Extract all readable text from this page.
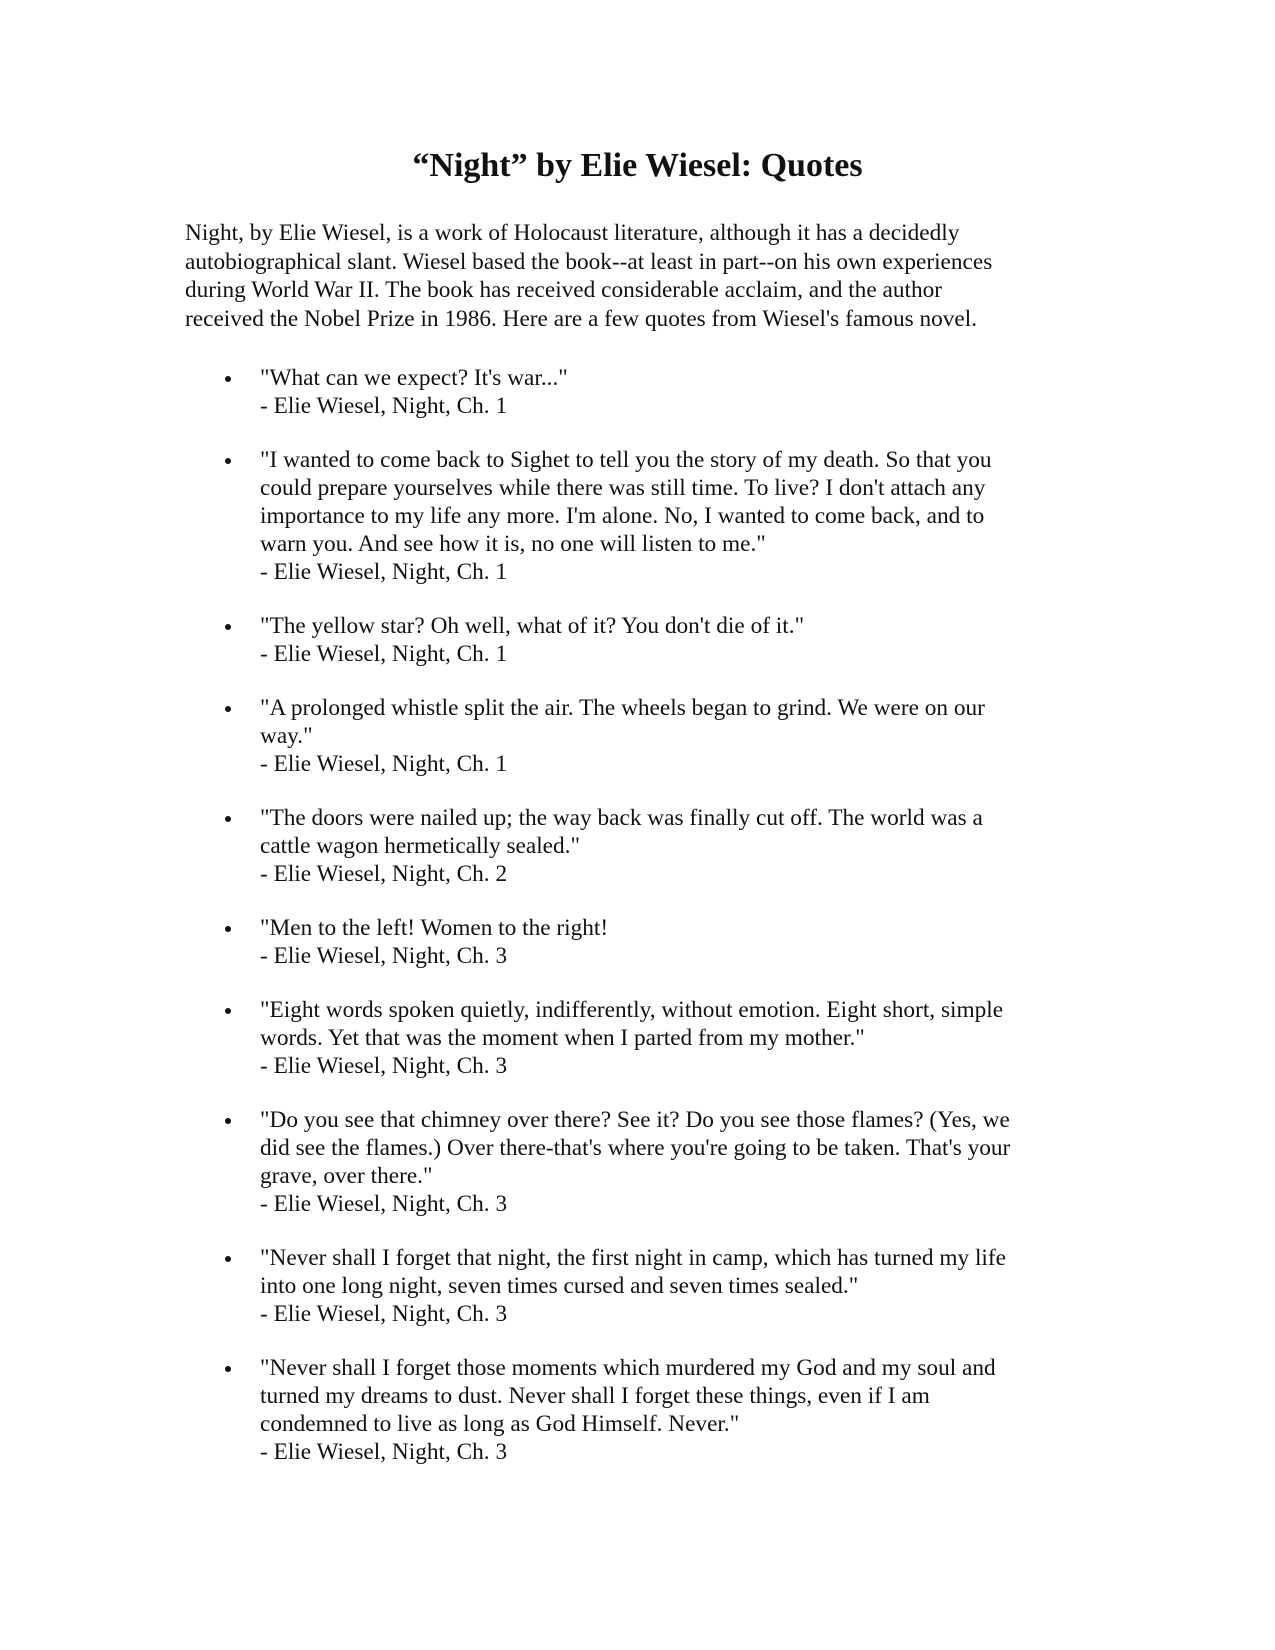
“Night” by Elie Wiesel: Quotes

Night, by Elie Wiesel, is a work of Holocaust literature, although it has a decidedly
autobiographical slant. Wiesel based the book--at least in part--on his own experiences
during World War II. The book has received considerable acclaim, and the author
received the Nobel Prize in 1986. Here are a few quotes from Wiesel's famous novel.

"What can we expect? It's war..."
- Elie Wiesel, Night, Ch. 1
"I wanted to come back to Sighet to tell you the story of my death. So that you
could prepare yourselves while there was still time. To live? I don't attach any
importance to my life any more. I'm alone. No, I wanted to come back, and to
warn you. And see how it is, no one will listen to me."
- Elie Wiesel, Night, Ch. 1
"The yellow star? Oh well, what of it? You don't die of it."
- Elie Wiesel, Night, Ch. 1
"A prolonged whistle split the air. The wheels began to grind. We were on our
way."
- Elie Wiesel, Night, Ch. 1
"The doors were nailed up; the way back was finally cut off. The world was a
cattle wagon hermetically sealed."
- Elie Wiesel, Night, Ch. 2
"Men to the left! Women to the right!
- Elie Wiesel, Night, Ch. 3
"Eight words spoken quietly, indifferently, without emotion. Eight short, simple
words. Yet that was the moment when I parted from my mother."
- Elie Wiesel, Night, Ch. 3
"Do you see that chimney over there? See it? Do you see those flames? (Yes, we
did see the flames.) Over there-that's where you're going to be taken. That's your
grave, over there."
- Elie Wiesel, Night, Ch. 3
"Never shall I forget that night, the first night in camp, which has turned my life
into one long night, seven times cursed and seven times sealed."
- Elie Wiesel, Night, Ch. 3
"Never shall I forget those moments which murdered my God and my soul and
turned my dreams to dust. Never shall I forget these things, even if I am
condemned to live as long as God Himself. Never."
- Elie Wiesel, Night, Ch. 3
